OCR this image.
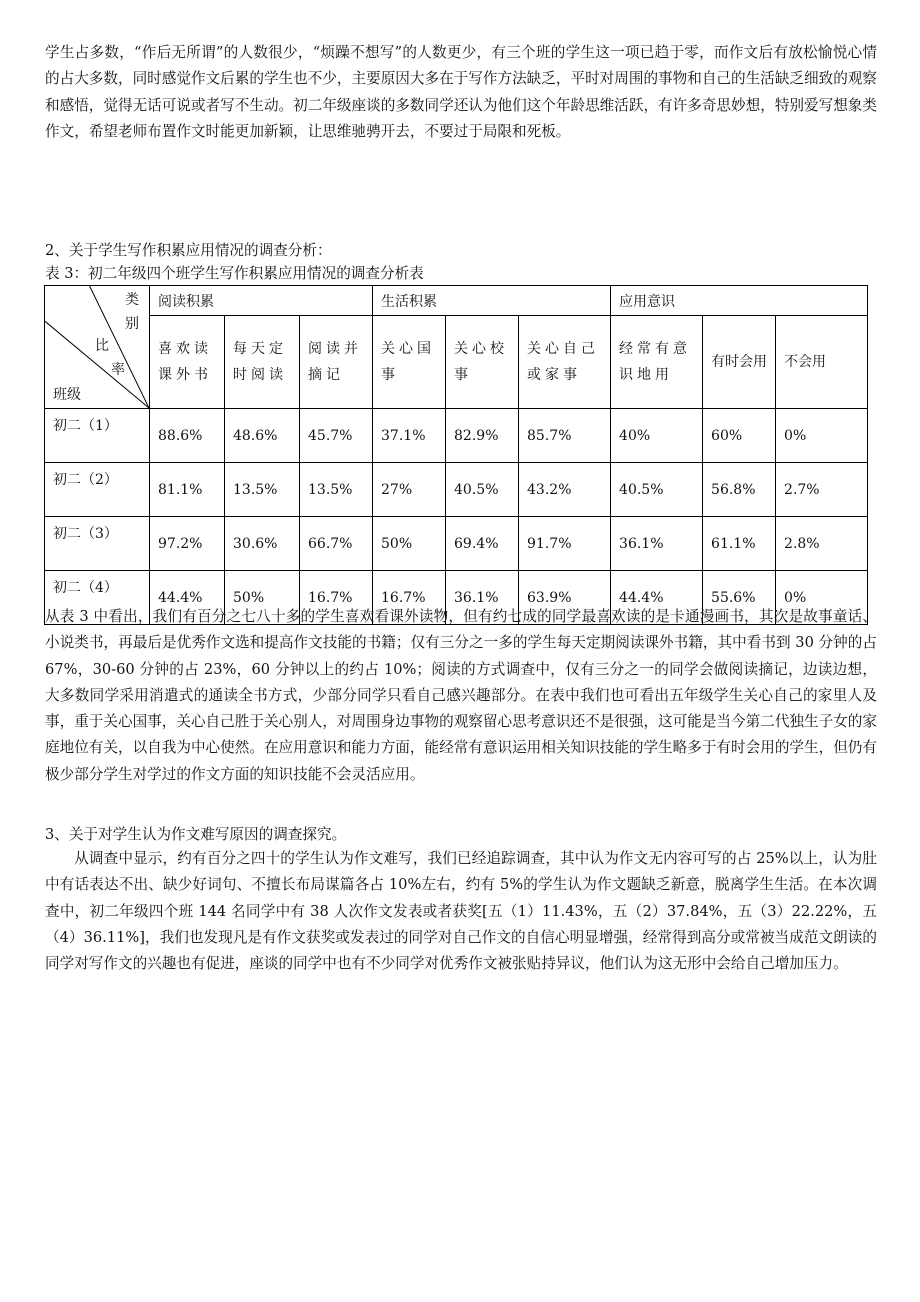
学生占多数，“作后无所谓”的人数很少，“烦躁不想写”的人数更少，有三个班的学生这一项已趋于零，而作文后有放松愉悦心情的占大多数，同时感觉作文后累的学生也不少，主要原因大多在于写作方法缺乏，平时对周围的事物和自己的生活缺乏细致的观察和感悟，觉得无话可说或者写不生动。初二年级座谈的多数同学还认为他们这个年龄思维活跃，有许多奇思妙想，特别爱写想象类作文，希望老师布置作文时能更加新颖，让思维驰骋开去，不要过于局限和死板。
2、关于学生写作积累应用情况的调查分析：
表 3：初二年级四个班学生写作积累应用情况的调查分析表
类
别
比
率
班级	阅读积累			生活积累			应用意识		
	喜欢读课外书	每天定时阅读	阅读并摘记	关心国事	关心校事	关心自己或家事	经常有意识地用	有时会用	不会用
初二（1）	88.6%	48.6%	45.7%	37.1%	82.9%	85.7%	40%	60%	0%
初二（2）	81.1%	13.5%	13.5%	27%	40.5%	43.2%	40.5%	56.8%	2.7%
初二（3）	97.2%	30.6%	66.7%	50%	69.4%	91.7%	36.1%	61.1%	2.8%
初二（4）	44.4%	50%	16.7%	16.7%	36.1%	63.9%	44.4%	55.6%	0%
从表 3 中看出，我们有百分之七八十多的学生喜欢看课外读物，但有约七成的同学最喜欢读的是卡通漫画书，其次是故事童话、小说类书，再最后是优秀作文选和提高作文技能的书籍；仅有三分之一多的学生每天定期阅读课外书籍，其中看书到 30 分钟的占 67%，30-60 分钟的占 23%，60 分钟以上的约占 10%；阅读的方式调查中，仅有三分之一的同学会做阅读摘记，边读边想，大多数同学采用消遣式的通读全书方式，少部分同学只看自己感兴趣部分。在表中我们也可看出五年级学生关心自己的家里人及事，重于关心国事，关心自己胜于关心别人，对周围身边事物的观察留心思考意识还不是很强，这可能是当今第二代独生子女的家庭地位有关，以自我为中心使然。在应用意识和能力方面，能经常有意识运用相关知识技能的学生略多于有时会用的学生，但仍有极少部分学生对学过的作文方面的知识技能不会灵活应用。
3、关于对学生认为作文难写原因的调查探究。
从调查中显示，约有百分之四十的学生认为作文难写，我们已经追踪调查，其中认为作文无内容可写的占 25%以上，认为肚中有话表达不出、缺少好词句、不擅长布局谋篇各占 10%左右，约有 5%的学生认为作文题缺乏新意，脱离学生生活。在本次调查中，初二年级四个班 144 名同学中有 38 人次作文发表或者获奖[五（1）11.43%，五（2）37.84%，五（3）22.22%，五（4）36.11%]，我们也发现凡是有作文获奖或发表过的同学对自己作文的自信心明显增强，经常得到高分或常被当成范文朗读的同学对写作文的兴趣也有促进，座谈的同学中也有不少同学对优秀作文被张贴持异议，他们认为这无形中会给自己增加压力。
